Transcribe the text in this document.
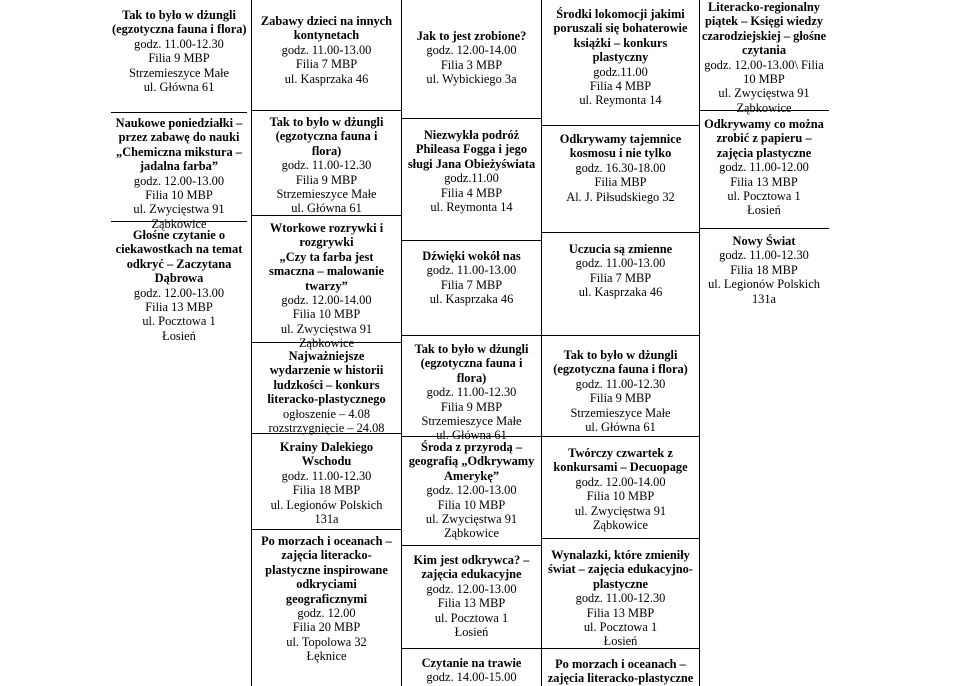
Tak to było w dżungli
(egzotyczna fauna i flora)
godz. 11.00-12.30
Filia 9 MBP
Strzemieszyce Małe
ul. Główna 61
Naukowe poniedziałki –
przez zabawę do nauki
„Chemiczna mikstura –
jadalna farba”
godz. 12.00-13.00
Filia 10 MBP
ul. Zwycięstwa 91
Ząbkowice
Głośne czytanie o
ciekawostkach na temat
odkryć – Zaczytana
Dąbrowa
godz. 12.00-13.00
Filia 13 MBP
ul. Pocztowa 1
Łosień
Zabawy dzieci na innych
kontynetach
godz. 11.00-13.00
Filia 7 MBP
ul. Kasprzaka 46
Tak to było w dżungli
(egzotyczna fauna i
flora)
godz. 11.00-12.30
Filia 9 MBP
Strzemieszyce Małe
ul. Główna 61
Wtorkowe rozrywki i
rozgrywki
„Czy ta farba jest
smaczna – malowanie
twarzy”
godz. 12.00-14.00
Filia 10 MBP
ul. Zwycięstwa 91
Ząbkowice
Najważniejsze
wydarzenie w historii
ludzkości – konkurs
literacko-plastycznego
ogłoszenie – 4.08
rozstrzygnięcie – 24.08
Krainy Dalekiego
Wschodu
godz. 11.00-12.30
Filia 18 MBP
ul. Legionów Polskich
131a
Po morzach i oceanach –
zajęcia literacko-
plastyczne inspirowane
odkryciami
geograficznymi
godz. 12.00
Filia 20 MBP
ul. Topolowa 32
Łęknice
Jak to jest zrobione?
godz. 12.00-14.00
Filia 3 MBP
ul. Wybickiego 3a
Niezwykła podróż
Phileasa Fogga i jego
sługi Jana Obieżyświata
godz.11.00
Filia 4 MBP
ul. Reymonta 14
Dźwięki wokół nas
godz. 11.00-13.00
Filia 7 MBP
ul. Kasprzaka 46
Tak to było w dżungli
(egzotyczna fauna i
flora)
godz. 11.00-12.30
Filia 9 MBP
Strzemieszyce Małe
ul. Główna 61
Środa z przyrodą –
geografią „Odkrywamy
Amerykę”
godz. 12.00-13.00
Filia 10 MBP
ul. Zwycięstwa 91
Ząbkowice
Kim jest odkrywca? –
zajęcia edukacyjne
godz. 12.00-13.00
Filia 13 MBP
ul. Pocztowa 1
Łosień
Czytanie na trawie
godz. 14.00-15.00
Środki lokomocji jakimi
poruszali się bohaterowie
książki – konkurs
plastyczny
godz.11.00
Filia 4 MBP
ul. Reymonta 14
Odkrywamy tajemnice
kosmosu i nie tylko
godz. 16.30-18.00
Filia MBP
Al. J. Piłsudskiego 32
Uczucia są zmienne
godz. 11.00-13.00
Filia 7 MBP
ul. Kasprzaka 46
Tak to było w dżungli
(egzotyczna fauna i flora)
godz. 11.00-12.30
Filia 9 MBP
Strzemieszyce Małe
ul. Główna 61
Twórczy czwartek z
konkursami – Decuopage
godz. 12.00-14.00
Filia 10 MBP
ul. Zwycięstwa 91
Ząbkowice
Wynalazki, które zmieniły
świat – zajęcia edukacyjno-
plastyczne
godz. 11.00-12.30
Filia 13 MBP
ul. Pocztowa 1
Łosień
Po morzach i oceanach –
zajęcia literacko-plastyczne
Literacko-regionalny
piątek – Księgi wiedzy
czarodziejskiej – głośne
czytania
godz. 12.00-13.00\ Filia
10 MBP
ul. Zwycięstwa 91
Ząbkowice
Odkrywamy co można
zrobić z papieru –
zajęcia plastyczne
godz. 11.00-12.00
Filia 13 MBP
ul. Pocztowa 1
Łosień
Nowy Świat
godz. 11.00-12.30
Filia 18 MBP
ul. Legionów Polskich
131a
